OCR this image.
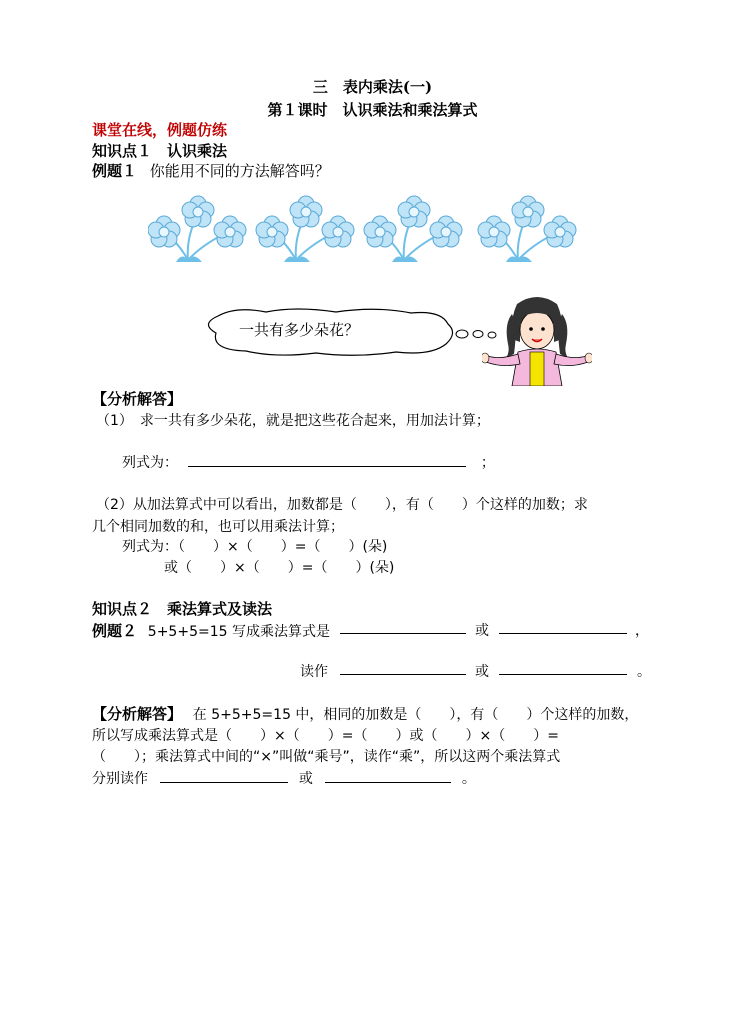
三　表内乘法(一)
第１课时　认识乘法和乘法算式
课堂在线，例题仿练
知识点１　认识乘法
例题１ 你能用不同的方法解答吗？
一共有多少朵花？
【分析解答】
（1）　求一共有多少朵花，就是把这些花合起来，用加法计算；
列式为：	；
（2）从加法算式中可以看出，加数都是（　　），有（　　）个这样的加数；求
几个相同加数的和，也可以用乘法计算；
列式为：（　　）×（　　）=（　　）(朵)
或（　　）×（　　）=（　　）(朵)
知识点２　乘法算式及读法
例题２ 5+5+5=15 写成乘法算式是	或	，
读作	或	。
【分析解答】 在 5+5+5=15 中，相同的加数是（　　），有（　　）个这样的加数，
所以写成乘法算式是（　　）×（　　）=（　　）或（　　）×（　　）=
（　　）；乘法算式中间的“×”叫做“乘号”，读作“乘”，所以这两个乘法算式
分别读作	或	。
